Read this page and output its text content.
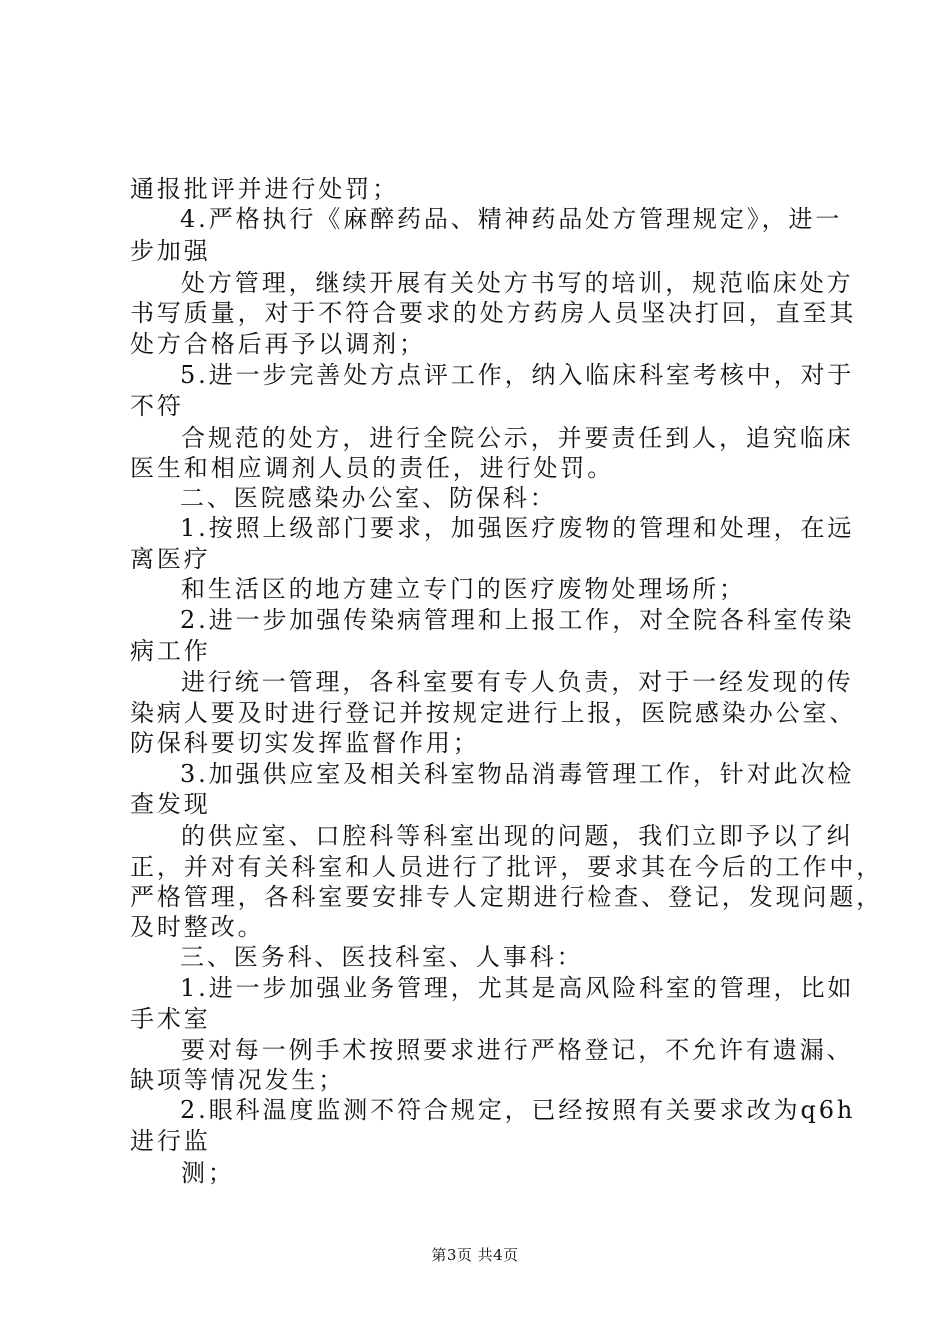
通报批评并进行处罚；
4.严格执行《麻醉药品、精神药品处方管理规定》，进一
步加强
处方管理，继续开展有关处方书写的培训，规范临床处方
书写质量，对于不符合要求的处方药房人员坚决打回，直至其
处方合格后再予以调剂；
5.进一步完善处方点评工作，纳入临床科室考核中，对于
不符
合规范的处方，进行全院公示，并要责任到人，追究临床
医生和相应调剂人员的责任，进行处罚。
二、医院感染办公室、防保科：
1.按照上级部门要求，加强医疗废物的管理和处理，在远
离医疗
和生活区的地方建立专门的医疗废物处理场所；
2.进一步加强传染病管理和上报工作，对全院各科室传染
病工作
进行统一管理，各科室要有专人负责，对于一经发现的传
染病人要及时进行登记并按规定进行上报，医院感染办公室、
防保科要切实发挥监督作用；
3.加强供应室及相关科室物品消毒管理工作，针对此次检
查发现
的供应室、口腔科等科室出现的问题，我们立即予以了纠
正，并对有关科室和人员进行了批评，要求其在今后的工作中，
严格管理，各科室要安排专人定期进行检查、登记，发现问题，
及时整改。
三、医务科、医技科室、人事科：
1.进一步加强业务管理，尤其是高风险科室的管理，比如
手术室
要对每一例手术按照要求进行严格登记，不允许有遗漏、
缺项等情况发生；
2.眼科温度监测不符合规定，已经按照有关要求改为q6h
进行监
测；
第3页 共4页
